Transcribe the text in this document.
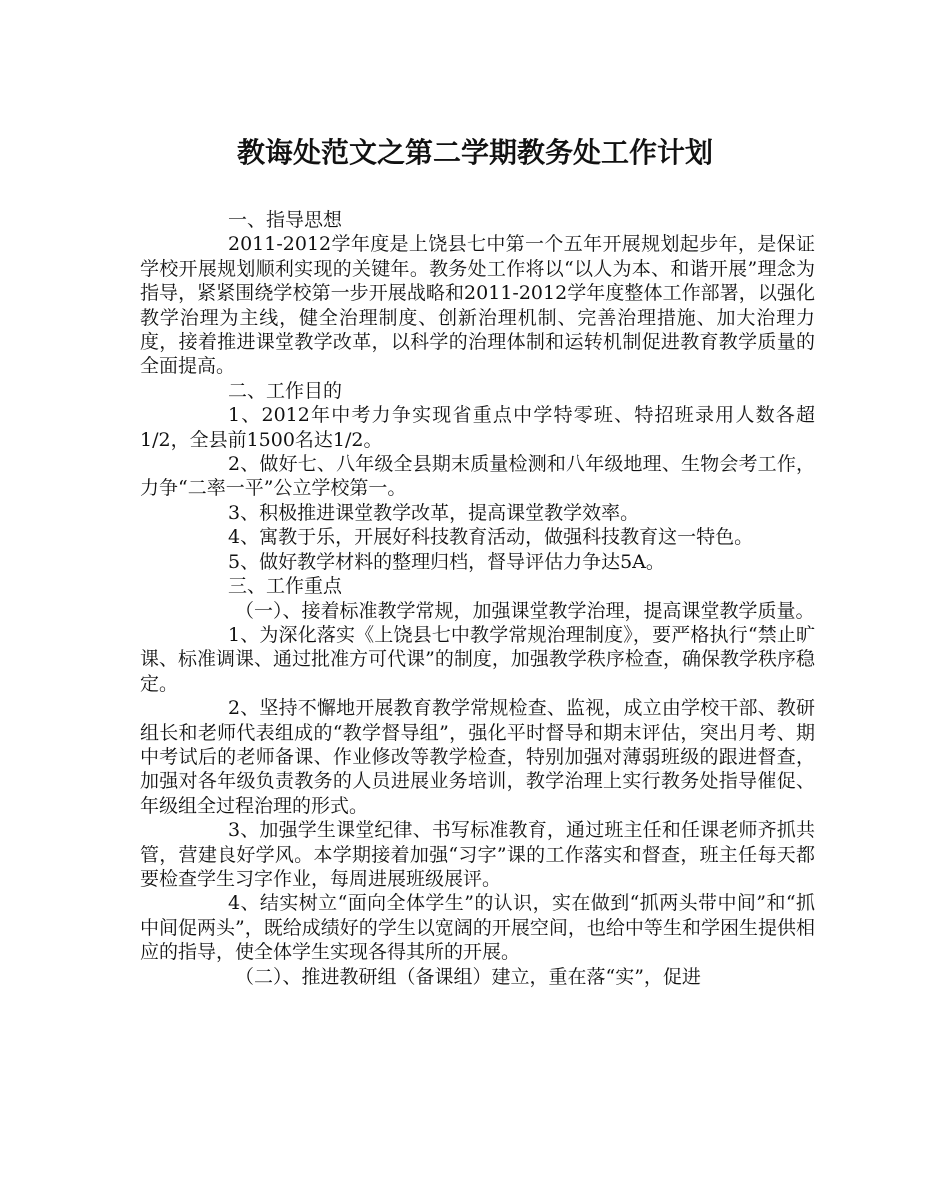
教诲处范文之第二学期教务处工作计划

一、指导思想

2011-2012学年度是上饶县七中第一个五年开展规划起步年，是保证学校开展规划顺利实现的关键年。教务处工作将以“以人为本、和谐开展”理念为指导，紧紧围绕学校第一步开展战略和2011-2012学年度整体工作部署，以强化教学治理为主线，健全治理制度、创新治理机制、完善治理措施、加大治理力度，接着推进课堂教学改革，以科学的治理体制和运转机制促进教育教学质量的全面提高。

二、工作目的

1、2012年中考力争实现省重点中学特零班、特招班录用人数各超1/2，全县前1500名达1/2。

2、做好七、八年级全县期末质量检测和八年级地理、生物会考工作，力争“二率一平”公立学校第一。

3、积极推进课堂教学改革，提高课堂教学效率。

4、寓教于乐，开展好科技教育活动，做强科技教育这一特色。

5、做好教学材料的整理归档，督导评估力争达5A。

三、工作重点

（一）、接着标准教学常规，加强课堂教学治理，提高课堂教学质量。

1、为深化落实《上饶县七中教学常规治理制度》，要严格执行“禁止旷课、标准调课、通过批准方可代课”的制度，加强教学秩序检查，确保教学秩序稳定。

2、坚持不懈地开展教育教学常规检查、监视，成立由学校干部、教研组长和老师代表组成的“教学督导组”，强化平时督导和期末评估，突出月考、期中考试后的老师备课、作业修改等教学检查，特别加强对薄弱班级的跟进督查，加强对各年级负责教务的人员进展业务培训，教学治理上实行教务处指导催促、年级组全过程治理的形式。

3、加强学生课堂纪律、书写标准教育，通过班主任和任课老师齐抓共管，营建良好学风。本学期接着加强“习字”课的工作落实和督查，班主任每天都要检查学生习字作业，每周进展班级展评。

4、结实树立“面向全体学生”的认识，实在做到“抓两头带中间”和“抓中间促两头”，既给成绩好的学生以宽阔的开展空间，也给中等生和学困生提供相应的指导，使全体学生实现各得其所的开展。

（二）、推进教研组（备课组）建立，重在落“实”，促进
